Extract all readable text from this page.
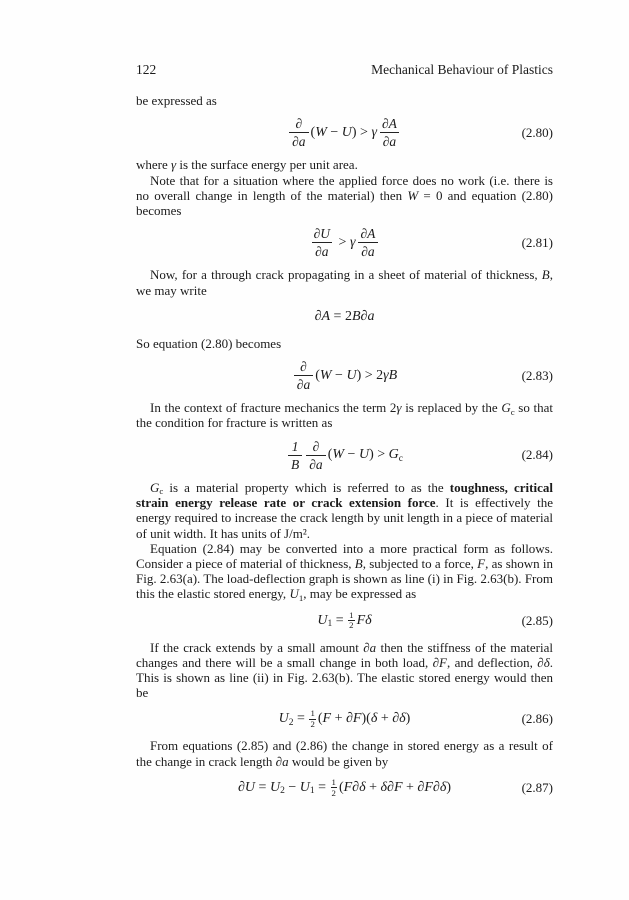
122	Mechanical Behaviour of Plastics

be expressed as

$\frac{\partial}{\partial a} (W - U) > \gamma \frac{\partial A}{\partial a}$	(2.80)

where γ is the surface energy per unit area.

Note that for a situation where the applied force does no work (i.e. there is no overall change in length of the material) then W = 0 and equation (2.80) becomes

$\frac{\partial U}{\partial a} > \gamma \frac{\partial A}{\partial a}$	(2.81)

Now, for a through crack propagating in a sheet of material of thickness, B, we may write

∂A = 2B∂a

So equation (2.80) becomes

$\frac{\partial}{\partial a} (W - U) > 2\gamma B$	(2.83)

In the context of fracture mechanics the term 2γ is replaced by the $G_c$ so that the condition for fracture is written as

$\frac{1}{B} \frac{\partial}{\partial a} (W - U) > G_c$	(2.84)

$G_c$ is a material property which is referred to as the toughness, critical strain energy release rate or crack extension force. It is effectively the energy required to increase the crack length by unit length in a piece of material of unit width. It has units of J/m².

Equation (2.84) may be converted into a more practical form as follows. Consider a piece of material of thickness, B, subjected to a force, F, as shown in Fig. 2.63(a). The load-deflection graph is shown as line (i) in Fig. 2.63(b). From this the elastic stored energy, $U_1$, may be expressed as

$U_1 = \frac{1}{2}$ Fδ	(2.85)

If the crack extends by a small amount ∂a then the stiffness of the material changes and there will be a small change in both load, ∂F, and deflection, ∂δ. This is shown as line (ii) in Fig. 2.63(b). The elastic stored energy would then be

$U_2 = \frac{1}{2} (F + \partial F)(\delta + \partial\delta)$	(2.86)

From equations (2.85) and (2.86) the change in stored energy as a result of the change in crack length ∂a would be given by

$\partial U = U_2 - U_1 = \frac{1}{2} (F\partial\delta + \delta\partial F + \partial F\partial\delta)$	(2.87)
